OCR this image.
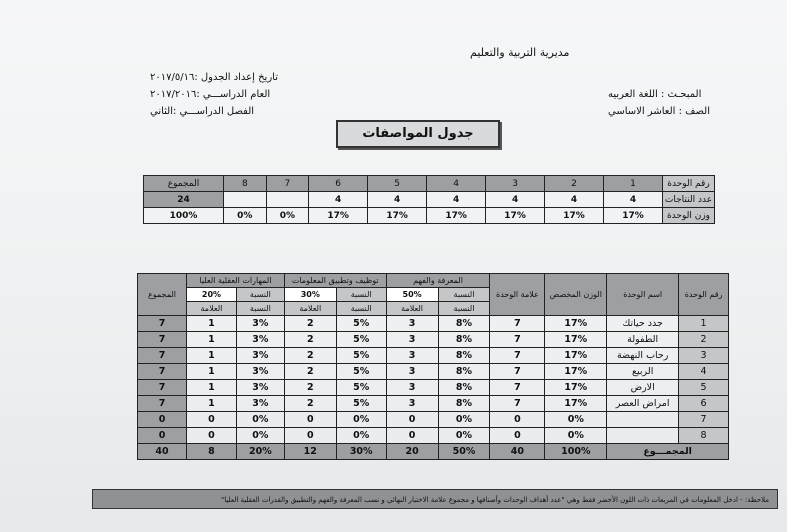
مديرية التربية والتعليم
تاريخ إعداد الجدول :٢٠١٧/٥/١٦
العام الدراســـي :٢٠١٧/٢٠١٦
الفصل الدراســـي :الثاني
المبحـث : اللغة العربيه
الصف : العاشر الاساسي
جدول المواصفات
رقم الوحدة	1	2	3	4	5	6	7	8	المجموع
عدد النتاجات	4	4	4	4	4	4			24
وزن الوحدة	17%	17%	17%	17%	17%	17%	0%	0%	100%
رقم الوحدة	اسم الوحدة	الوزن المخصص	علامة الوحدة	المعرفة والفهم		توظيف وتطبيق المعلومات		المهارات العقلية العليا		المجموع
				النسبة	50%	النسبة	30%	النسبة	20%	
				النسبة	العلامة	النسبة	العلامة	النسبة	العلامة	
1	جدد حياتك	17%	7	8%	3	5%	2	3%	1	7
2	الطفولة	17%	7	8%	3	5%	2	3%	1	7
3	رحاب النهضة	17%	7	8%	3	5%	2	3%	1	7
4	الربيع	17%	7	8%	3	5%	2	3%	1	7
5	الارض	17%	7	8%	3	5%	2	3%	1	7
6	امراض العصر	17%	7	8%	3	5%	2	3%	1	7
7		0%	0	0%	0	0%	0	0%	0	0
8		0%	0	0%	0	0%	0	0%	0	0
المجمـــوع		100%	40	50%	20	30%	12	20%	8	40
ملاحظة: - ادخل المعلومات في المربعات ذات اللون الأخضر فقط وهي "عدد أهداف الوحدات وأصنافها و مجموع علامة الاختبار النهائي و نسب المعرفة والفهم والتطبيق والقدرات العقلية العليا"
